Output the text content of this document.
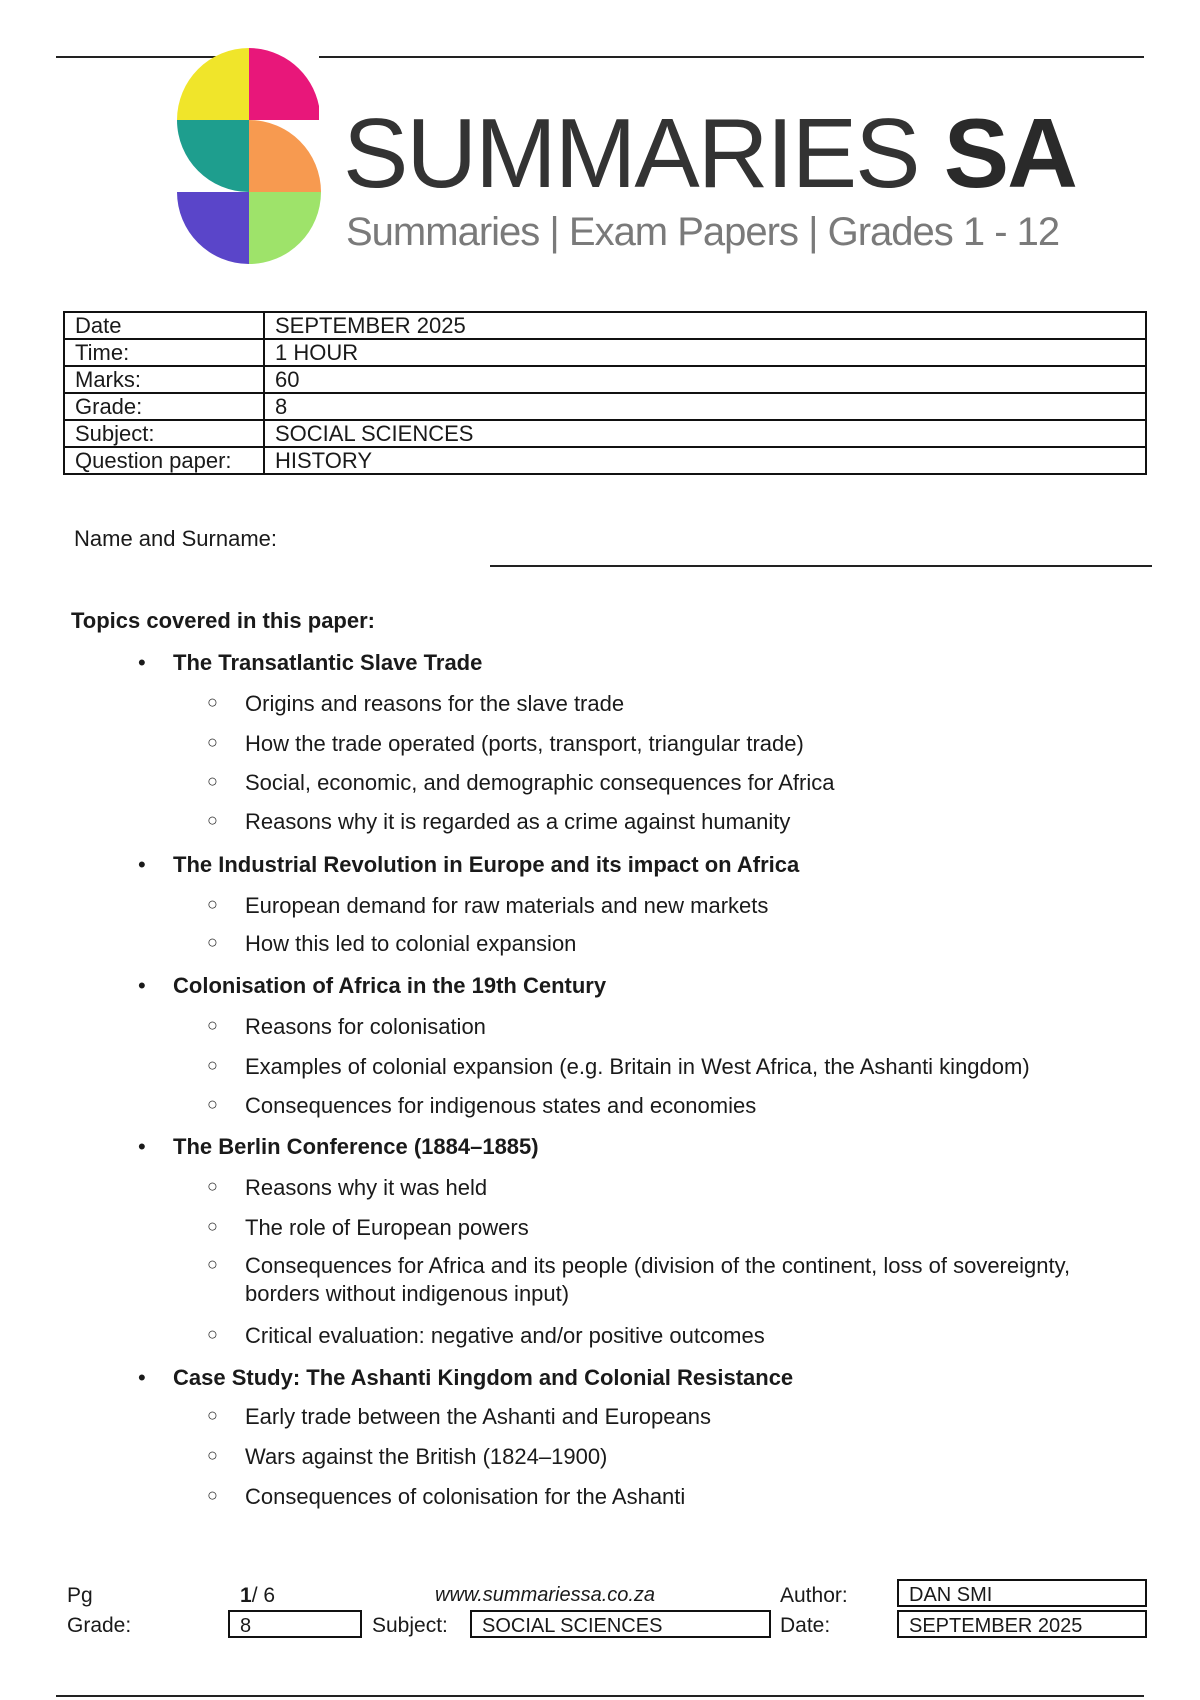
SUMMARIES SA
Summaries | Exam Papers | Grades 1 - 12
Date	SEPTEMBER 2025
Time:	1 HOUR
Marks:	60
Grade:	8
Subject:	SOCIAL SCIENCES
Question paper:	HISTORY
Name and Surname:
Topics covered in this paper:
• The Transatlantic Slave Trade
○ Origins and reasons for the slave trade
○ How the trade operated (ports, transport, triangular trade)
○ Social, economic, and demographic consequences for Africa
○ Reasons why it is regarded as a crime against humanity
• The Industrial Revolution in Europe and its impact on Africa
○ European demand for raw materials and new markets
○ How this led to colonial expansion
• Colonisation of Africa in the 19th Century
○ Reasons for colonisation
○ Examples of colonial expansion (e.g. Britain in West Africa, the Ashanti kingdom)
○ Consequences for indigenous states and economies
• The Berlin Conference (1884–1885)
○ Reasons why it was held
○ The role of European powers
○ Consequences for Africa and its people (division of the continent, loss of sovereignty, borders without indigenous input)
○ Critical evaluation: negative and/or positive outcomes
• Case Study: The Ashanti Kingdom and Colonial Resistance
○ Early trade between the Ashanti and Europeans
○ Wars against the British (1824–1900)
○ Consequences of colonisation for the Ashanti
Pg	1/ 6	www.summariessa.co.za	Author:	DAN SMI
Grade:	8	Subject:	SOCIAL SCIENCES	Date:	SEPTEMBER 2025
